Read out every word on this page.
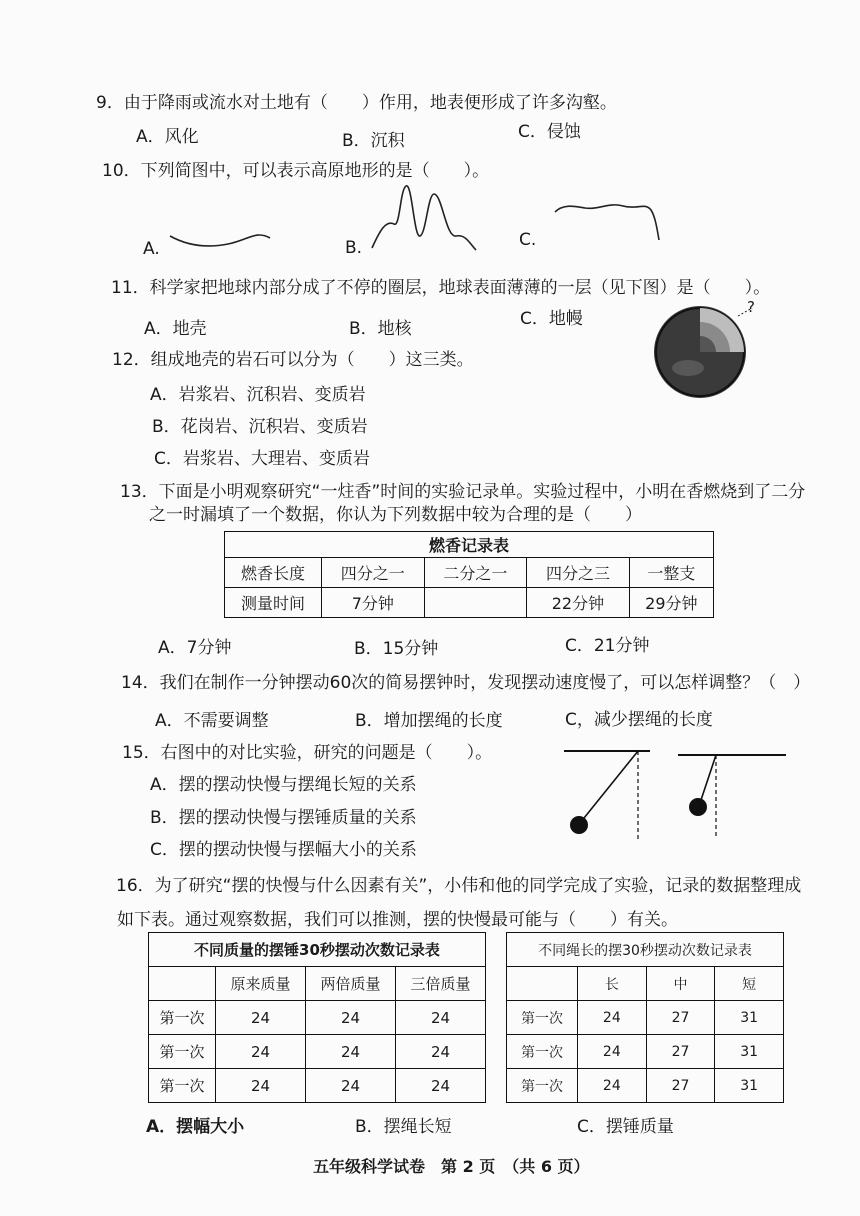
9．由于降雨或流水对土地有（　　）作用，地表便形成了许多沟壑。
A．风化	B．沉积	C．侵蚀
10．下列简图中，可以表示高原地形的是（　　）。
A.	B.	C.
11．科学家把地球内部分成了不停的圈层，地球表面薄薄的一层（见下图）是（　　）。
A．地壳	B．地核	C．地幔
?
12．组成地壳的岩石可以分为（　　）这三类。
A．岩浆岩、沉积岩、变质岩
B．花岗岩、沉积岩、变质岩
C．岩浆岩、大理岩、变质岩
13．下面是小明观察研究“一炷香”时间的实验记录单。实验过程中，小明在香燃烧到了二分
之一时漏填了一个数据，你认为下列数据中较为合理的是（　　）
燃香记录表				
燃香长度	四分之一	二分之一	四分之三	一整支
测量时间	7分钟		22分钟	29分钟
A．7分钟	B．15分钟	C．21分钟
14．我们在制作一分钟摆动60次的简易摆钟时，发现摆动速度慢了，可以怎样调整？（　）
A．不需要调整	B．增加摆绳的长度	C，减少摆绳的长度
15．右图中的对比实验，研究的问题是（　　）。
A．摆的摆动快慢与摆绳长短的关系
B．摆的摆动快慢与摆锤质量的关系
C．摆的摆动快慢与摆幅大小的关系
16．为了研究“摆的快慢与什么因素有关”，小伟和他的同学完成了实验，记录的数据整理成
如下表。通过观察数据，我们可以推测，摆的快慢最可能与（　　）有关。
不同质量的摆锤30秒摆动次数记录表			
	原来质量	两倍质量	三倍质量
第一次	24	24	24
第一次	24	24	24
第一次	24	24	24
不同绳长的摆30秒摆动次数记录表			
	长	中	短
第一次	24	27	31
第一次	24	27	31
第一次	24	27	31
A．摆幅大小	B．摆绳长短	C．摆锤质量
五年级科学试卷　第 2 页　（共 6 页）
